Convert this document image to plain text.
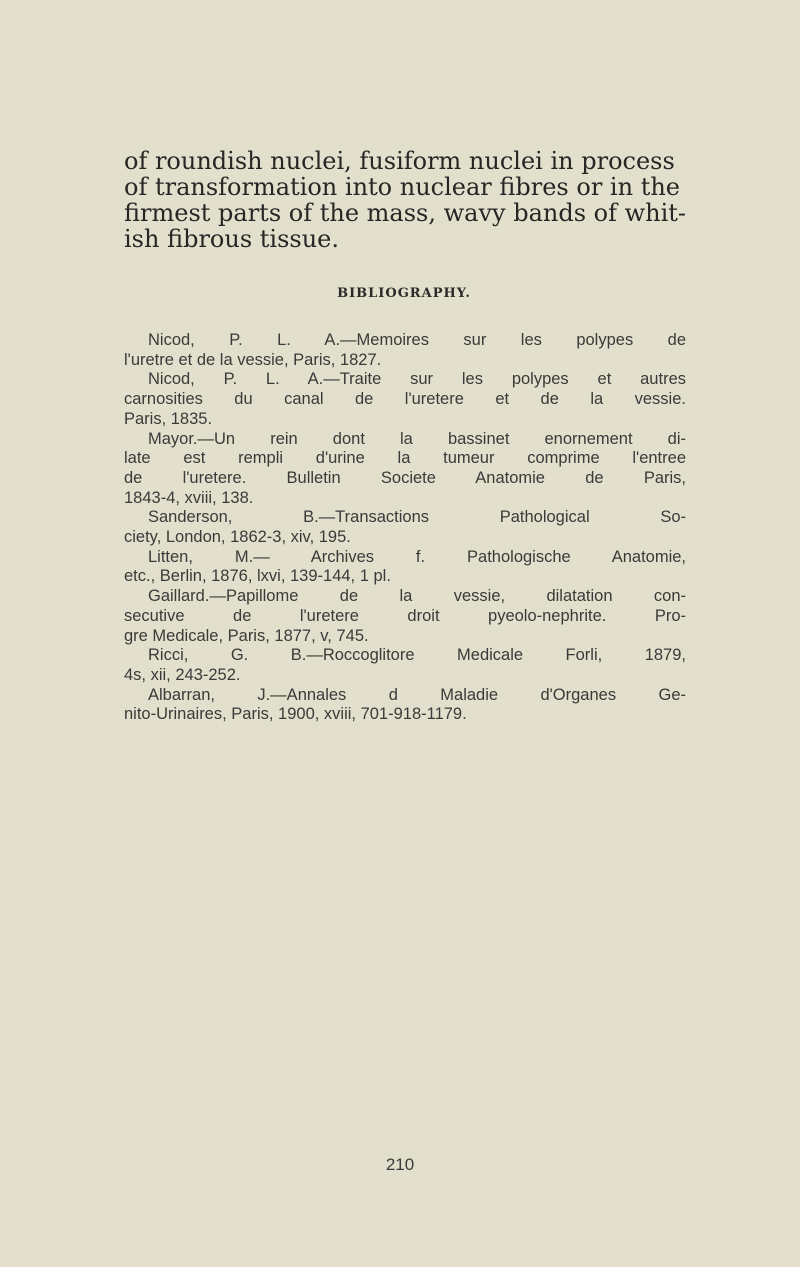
of roundish nuclei, fusiform nuclei in process
of transformation into nuclear fibres or in the
firmest parts of the mass, wavy bands of whit-
ish fibrous tissue.

BIBLIOGRAPHY.
Nicod, P. L. A.—Memoires sur les polypes de
l'uretre et de la vessie, Paris, 1827.
Nicod, P. L. A.—Traite sur les polypes et autres
carnosities du canal de l'uretere et de la vessie.
Paris, 1835.
Mayor.—Un rein dont la bassinet enornement di-
late est rempli d'urine la tumeur comprime l'entree
de l'uretere. Bulletin Societe Anatomie de Paris,
1843-4, xviii, 138.
Sanderson, B.—Transactions Pathological So-
ciety, London, 1862-3, xiv, 195.
Litten, M.— Archives f. Pathologische Anatomie,
etc., Berlin, 1876, lxvi, 139-144, 1 pl.
Gaillard.—Papillome de la vessie, dilatation con-
secutive de l'uretere droit pyeolo-nephrite. Pro-
gre Medicale, Paris, 1877, v, 745.
Ricci, G. B.—Roccoglitore Medicale Forli, 1879,
4s, xii, 243-252.
Albarran, J.—Annales d Maladie d'Organes Ge-
nito-Urinaires, Paris, 1900, xviii, 701-918-1179.

210
